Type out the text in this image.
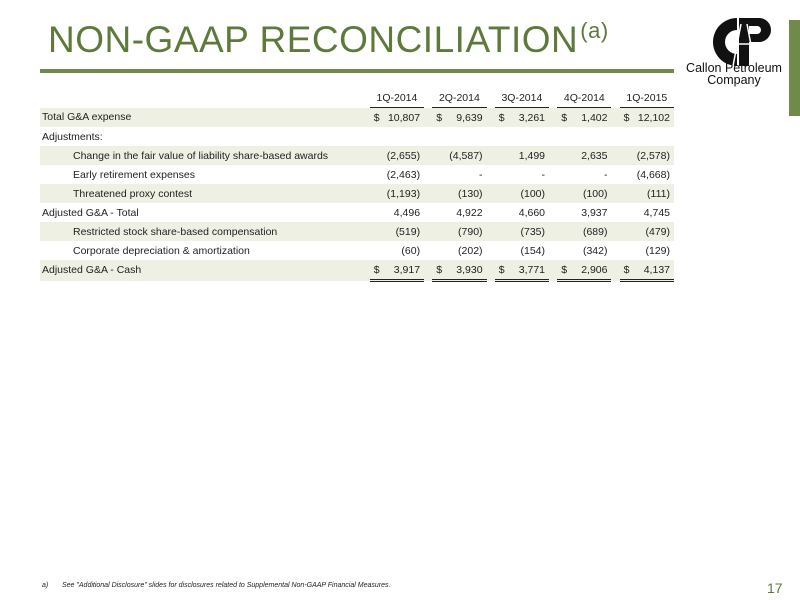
NON-GAAP RECONCILIATION$^{(a)}$
Callon Petroleum
Company
	1Q-2014		2Q-2014		3Q-2014		4Q-2014		1Q-2015
Total G&A expense	$ 10,807		$ 9,639		$ 3,261		$ 1,402		$ 12,102
Adjustments:									
Change in the fair value of liability share-based awards	(2,655)		(4,587)		1,499		2,635		(2,578)
Early retirement expenses	(2,463)		-		-		-		(4,668)
Threatened proxy contest	(1,193)		(130)		(100)		(100)		(111)
Adjusted G&A - Total	4,496		4,922		4,660		3,937		4,745
Restricted stock share-based compensation	(519)		(790)		(735)		(689)		(479)
Corporate depreciation & amortization	(60)		(202)		(154)		(342)		(129)
Adjusted G&A - Cash	$ 3,917		$ 3,930		$ 3,771		$ 2,906		$ 4,137
a) See "Additional Disclosure" slides for disclosures related to Supplemental Non-GAAP Financial Measures.	17
